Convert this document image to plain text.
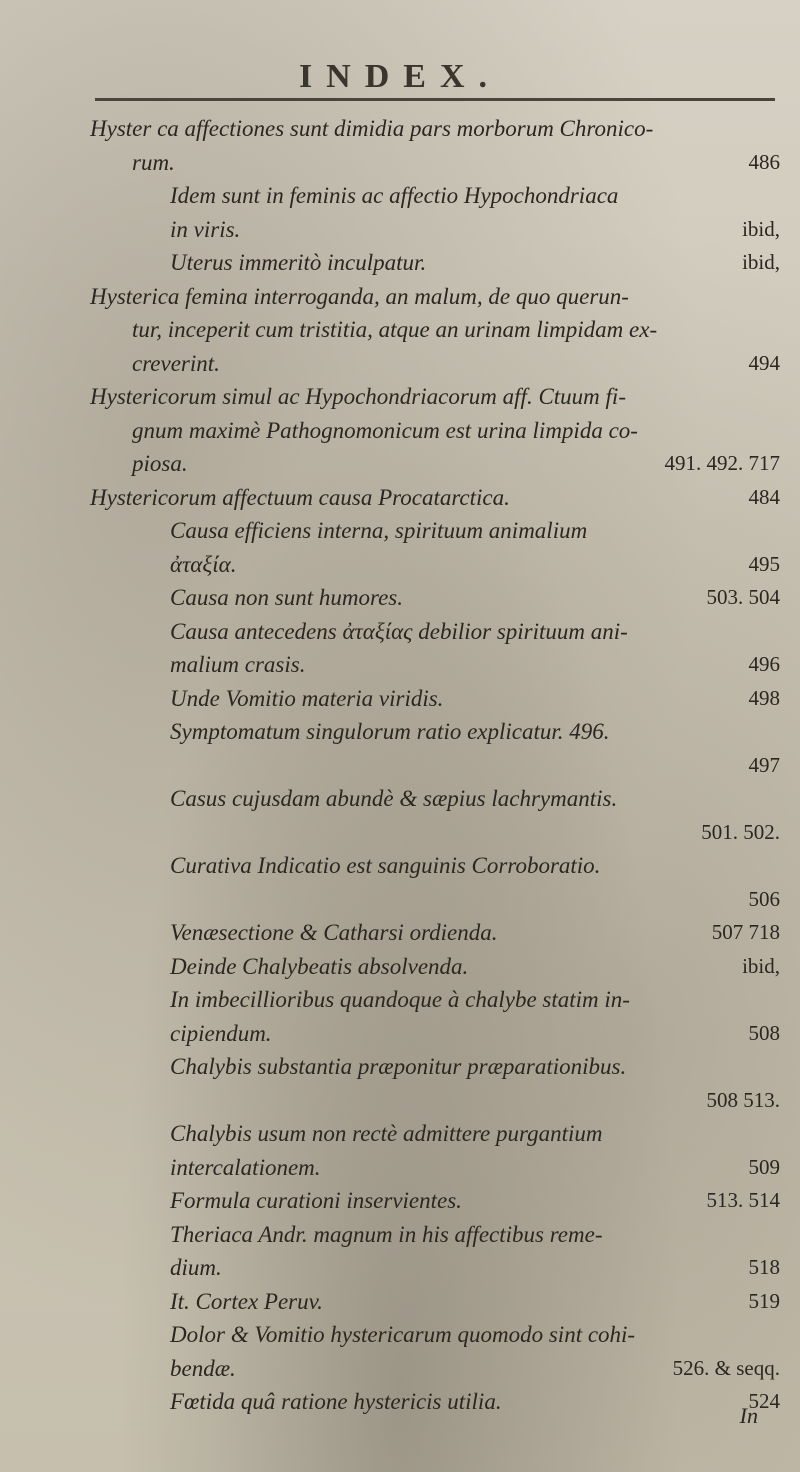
INDEX.
Hyster ca affectiones sunt dimidia pars morborum Chronico-
rum.	486
Idem sunt in feminis ac affectio Hypochondriaca
in viris.	ibid,
Uterus immeritò inculpatur.	ibid,
Hysterica femina interroganda, an malum, de quo querun-
tur, inceperit cum tristitia, atque an urinam limpidam ex-
creverint.	494
Hystericorum simul ac Hypochondriacorum aff. Ctuum fi-
gnum maximè Pathognomonicum est urina limpida co-
piosa.	491. 492. 717
Hystericorum affectuum causa Procatarctica.	484
Causa efficiens interna, spirituum animalium
ἀταξία.	495
Causa non sunt humores.	503. 504
Causa antecedens ἀταξίας debilior spirituum ani-
malium crasis.	496
Unde Vomitio materia viridis.	498
Symptomatum singulorum ratio explicatur. 496.
497
Casus cujusdam abundè & sæpius lachrymantis.
501. 502.
Curativa Indicatio est sanguinis Corroboratio.
506
Venæsectione & Catharsi ordienda.	507 718
Deinde Chalybeatis absolvenda.	ibid,
In imbecillioribus quandoque à chalybe statim in-
cipiendum.	508
Chalybis substantia præponitur præparationibus.
508 513.
Chalybis usum non rectè admittere purgantium
intercalationem.	509
Formula curationi inservientes.	513. 514
Theriaca Andr. magnum in his affectibus reme-
dium.	518
It. Cortex Peruv.	519
Dolor & Vomitio hystericarum quomodo sint cohi-
bendæ.	526. & seqq.
Fœtida quâ ratione hystericis utilia.	524
In
